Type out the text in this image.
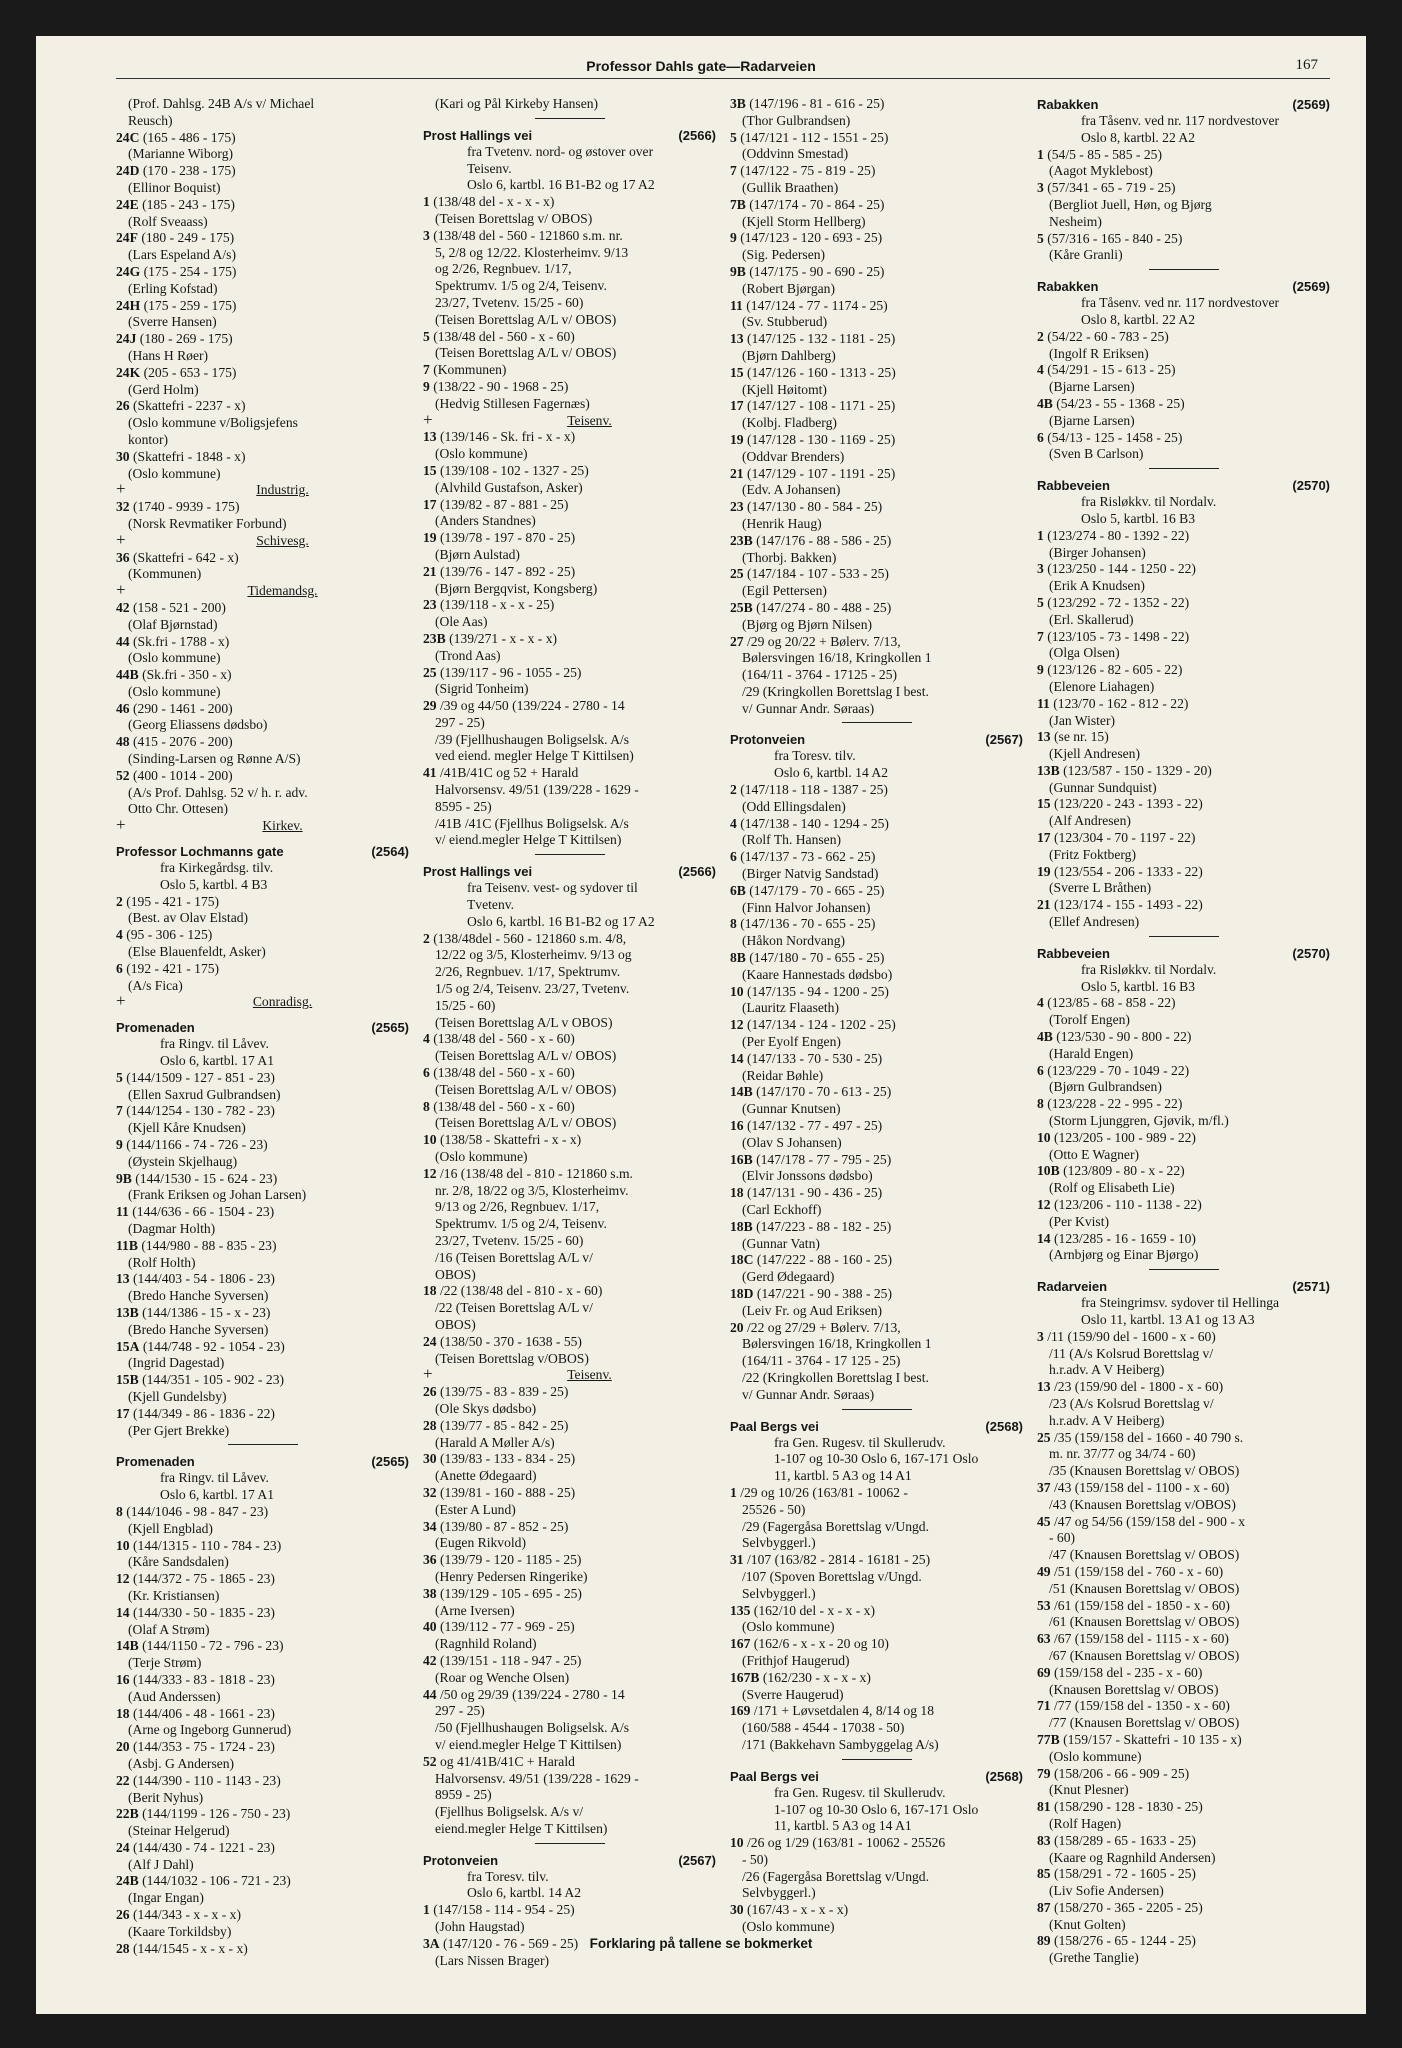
Professor Dahls gate—Radarveien	167
(Prof. Dahlsg. 24B A/s v/ Michael
Reusch)
24C (165 - 486 - 175)
(Marianne Wiborg)
24D (170 - 238 - 175)
(Ellinor Boquist)
24E (185 - 243 - 175)
(Rolf Sveaass)
24F (180 - 249 - 175)
(Lars Espeland A/s)
24G (175 - 254 - 175)
(Erling Kofstad)
24H (175 - 259 - 175)
(Sverre Hansen)
24J (180 - 269 - 175)
(Hans H Røer)
24K (205 - 653 - 175)
(Gerd Holm)
26 (Skattefri - 2237 - x)
(Oslo kommune v/Boligsjefens
kontor)
30 (Skattefri - 1848 - x)
(Oslo kommune)
+	Industrig.
32 (1740 - 9939 - 175)
(Norsk Revmatiker Forbund)
+	Schivesg.
36 (Skattefri - 642 - x)
(Kommunen)
+	Tidemandsg.
42 (158 - 521 - 200)
(Olaf Bjørnstad)
44 (Sk.fri - 1788 - x)
(Oslo kommune)
44B (Sk.fri - 350 - x)
(Oslo kommune)
46 (290 - 1461 - 200)
(Georg Eliassens dødsbo)
48 (415 - 2076 - 200)
(Sinding-Larsen og Rønne A/S)
52 (400 - 1014 - 200)
(A/s Prof. Dahlsg. 52 v/ h. r. adv.
Otto Chr. Ottesen)
+	Kirkev.
Professor Lochmanns gate	(2564)
fra Kirkegårdsg. tilv.
Oslo 5, kartbl. 4 B3
2 (195 - 421 - 175)
(Best. av Olav Elstad)
4 (95 - 306 - 125)
(Else Blauenfeldt, Asker)
6 (192 - 421 - 175)
(A/s Fica)
+	Conradisg.
Promenaden	(2565)
fra Ringv. til Låvev.
Oslo 6, kartbl. 17 A1
5 (144/1509 - 127 - 851 - 23)
(Ellen Saxrud Gulbrandsen)
7 (144/1254 - 130 - 782 - 23)
(Kjell Kåre Knudsen)
9 (144/1166 - 74 - 726 - 23)
(Øystein Skjelhaug)
9B (144/1530 - 15 - 624 - 23)
(Frank Eriksen og Johan Larsen)
11 (144/636 - 66 - 1504 - 23)
(Dagmar Holth)
11B (144/980 - 88 - 835 - 23)
(Rolf Holth)
13 (144/403 - 54 - 1806 - 23)
(Bredo Hanche Syversen)
13B (144/1386 - 15 - x - 23)
(Bredo Hanche Syversen)
15A (144/748 - 92 - 1054 - 23)
(Ingrid Dagestad)
15B (144/351 - 105 - 902 - 23)
(Kjell Gundelsby)
17 (144/349 - 86 - 1836 - 22)
(Per Gjert Brekke)
Promenaden	(2565)
fra Ringv. til Låvev.
Oslo 6, kartbl. 17 A1
8 (144/1046 - 98 - 847 - 23)
(Kjell Engblad)
10 (144/1315 - 110 - 784 - 23)
(Kåre Sandsdalen)
12 (144/372 - 75 - 1865 - 23)
(Kr. Kristiansen)
14 (144/330 - 50 - 1835 - 23)
(Olaf A Strøm)
14B (144/1150 - 72 - 796 - 23)
(Terje Strøm)
16 (144/333 - 83 - 1818 - 23)
(Aud Anderssen)
18 (144/406 - 48 - 1661 - 23)
(Arne og Ingeborg Gunnerud)
20 (144/353 - 75 - 1724 - 23)
(Asbj. G Andersen)
22 (144/390 - 110 - 1143 - 23)
(Berit Nyhus)
22B (144/1199 - 126 - 750 - 23)
(Steinar Helgerud)
24 (144/430 - 74 - 1221 - 23)
(Alf J Dahl)
24B (144/1032 - 106 - 721 - 23)
(Ingar Engan)
26 (144/343 - x - x - x)
(Kaare Torkildsby)
28 (144/1545 - x - x - x)
(Kari og Pål Kirkeby Hansen)
Prost Hallings vei	(2566)
fra Tvetenv. nord- og østover over
Teisenv.
Oslo 6, kartbl. 16 B1-B2 og 17 A2
1 (138/48 del - x - x - x)
(Teisen Borettslag v/ OBOS)
3 (138/48 del - 560 - 121860 s.m. nr.
5, 2/8 og 12/22. Klosterheimv. 9/13
og 2/26, Regnbuev. 1/17,
Spektrumv. 1/5 og 2/4, Teisenv.
23/27, Tvetenv. 15/25 - 60)
(Teisen Borettslag A/L v/ OBOS)
5 (138/48 del - 560 - x - 60)
(Teisen Borettslag A/L v/ OBOS)
7 (Kommunen)
9 (138/22 - 90 - 1968 - 25)
(Hedvig Stillesen Fagernæs)
+	Teisenv.
13 (139/146 - Sk. fri - x - x)
(Oslo kommune)
15 (139/108 - 102 - 1327 - 25)
(Alvhild Gustafson, Asker)
17 (139/82 - 87 - 881 - 25)
(Anders Standnes)
19 (139/78 - 197 - 870 - 25)
(Bjørn Aulstad)
21 (139/76 - 147 - 892 - 25)
(Bjørn Bergqvist, Kongsberg)
23 (139/118 - x - x - 25)
(Ole Aas)
23B (139/271 - x - x - x)
(Trond Aas)
25 (139/117 - 96 - 1055 - 25)
(Sigrid Tonheim)
29 /39 og 44/50 (139/224 - 2780 - 14
297 - 25)
/39 (Fjellhushaugen Boligselsk. A/s
ved eiend. megler Helge T Kittilsen)
41 /41B/41C og 52 + Harald
Halvorsensv. 49/51 (139/228 - 1629 -
8595 - 25)
/41B /41C (Fjellhus Boligselsk. A/s
v/ eiend.megler Helge T Kittilsen)
Prost Hallings vei	(2566)
fra Teisenv. vest- og sydover til
Tvetenv.
Oslo 6, kartbl. 16 B1-B2 og 17 A2
2 (138/48del - 560 - 121860 s.m. 4/8,
12/22 og 3/5, Klosterheimv. 9/13 og
2/26, Regnbuev. 1/17, Spektrumv.
1/5 og 2/4, Teisenv. 23/27, Tvetenv.
15/25 - 60)
(Teisen Borettslag A/L v OBOS)
4 (138/48 del - 560 - x - 60)
(Teisen Borettslag A/L v/ OBOS)
6 (138/48 del - 560 - x - 60)
(Teisen Borettslag A/L v/ OBOS)
8 (138/48 del - 560 - x - 60)
(Teisen Borettslag A/L v/ OBOS)
10 (138/58 - Skattefri - x - x)
(Oslo kommune)
12 /16 (138/48 del - 810 - 121860 s.m.
nr. 2/8, 18/22 og 3/5, Klosterheimv.
9/13 og 2/26, Regnbuev. 1/17,
Spektrumv. 1/5 og 2/4, Teisenv.
23/27, Tvetenv. 15/25 - 60)
/16 (Teisen Borettslag A/L v/
OBOS)
18 /22 (138/48 del - 810 - x - 60)
/22 (Teisen Borettslag A/L v/
OBOS)
24 (138/50 - 370 - 1638 - 55)
(Teisen Borettslag v/OBOS)
+	Teisenv.
26 (139/75 - 83 - 839 - 25)
(Ole Skys dødsbo)
28 (139/77 - 85 - 842 - 25)
(Harald A Møller A/s)
30 (139/83 - 133 - 834 - 25)
(Anette Ødegaard)
32 (139/81 - 160 - 888 - 25)
(Ester A Lund)
34 (139/80 - 87 - 852 - 25)
(Eugen Rikvold)
36 (139/79 - 120 - 1185 - 25)
(Henry Pedersen Ringerike)
38 (139/129 - 105 - 695 - 25)
(Arne Iversen)
40 (139/112 - 77 - 969 - 25)
(Ragnhild Roland)
42 (139/151 - 118 - 947 - 25)
(Roar og Wenche Olsen)
44 /50 og 29/39 (139/224 - 2780 - 14
297 - 25)
/50 (Fjellhushaugen Boligselsk. A/s
v/ eiend.megler Helge T Kittilsen)
52 og 41/41B/41C + Harald
Halvorsensv. 49/51 (139/228 - 1629 -
8959 - 25)
(Fjellhus Boligselsk. A/s v/
eiend.megler Helge T Kittilsen)
Protonveien	(2567)
fra Toresv. tilv.
Oslo 6, kartbl. 14 A2
1 (147/158 - 114 - 954 - 25)
(John Haugstad)
3A (147/120 - 76 - 569 - 25)
(Lars Nissen Brager)
3B (147/196 - 81 - 616 - 25)
(Thor Gulbrandsen)
5 (147/121 - 112 - 1551 - 25)
(Oddvinn Smestad)
7 (147/122 - 75 - 819 - 25)
(Gullik Braathen)
7B (147/174 - 70 - 864 - 25)
(Kjell Storm Hellberg)
9 (147/123 - 120 - 693 - 25)
(Sig. Pedersen)
9B (147/175 - 90 - 690 - 25)
(Robert Bjørgan)
11 (147/124 - 77 - 1174 - 25)
(Sv. Stubberud)
13 (147/125 - 132 - 1181 - 25)
(Bjørn Dahlberg)
15 (147/126 - 160 - 1313 - 25)
(Kjell Høitomt)
17 (147/127 - 108 - 1171 - 25)
(Kolbj. Fladberg)
19 (147/128 - 130 - 1169 - 25)
(Oddvar Brenders)
21 (147/129 - 107 - 1191 - 25)
(Edv. A Johansen)
23 (147/130 - 80 - 584 - 25)
(Henrik Haug)
23B (147/176 - 88 - 586 - 25)
(Thorbj. Bakken)
25 (147/184 - 107 - 533 - 25)
(Egil Pettersen)
25B (147/274 - 80 - 488 - 25)
(Bjørg og Bjørn Nilsen)
27 /29 og 20/22 + Bølerv. 7/13,
Bølersvingen 16/18, Kringkollen 1
(164/11 - 3764 - 17125 - 25)
/29 (Kringkollen Borettslag I best.
v/ Gunnar Andr. Søraas)
Protonveien	(2567)
fra Toresv. tilv.
Oslo 6, kartbl. 14 A2
2 (147/118 - 118 - 1387 - 25)
(Odd Ellingsdalen)
4 (147/138 - 140 - 1294 - 25)
(Rolf Th. Hansen)
6 (147/137 - 73 - 662 - 25)
(Birger Natvig Sandstad)
6B (147/179 - 70 - 665 - 25)
(Finn Halvor Johansen)
8 (147/136 - 70 - 655 - 25)
(Håkon Nordvang)
8B (147/180 - 70 - 655 - 25)
(Kaare Hannestads dødsbo)
10 (147/135 - 94 - 1200 - 25)
(Lauritz Flaaseth)
12 (147/134 - 124 - 1202 - 25)
(Per Eyolf Engen)
14 (147/133 - 70 - 530 - 25)
(Reidar Bøhle)
14B (147/170 - 70 - 613 - 25)
(Gunnar Knutsen)
16 (147/132 - 77 - 497 - 25)
(Olav S Johansen)
16B (147/178 - 77 - 795 - 25)
(Elvir Jonssons dødsbo)
18 (147/131 - 90 - 436 - 25)
(Carl Eckhoff)
18B (147/223 - 88 - 182 - 25)
(Gunnar Vatn)
18C (147/222 - 88 - 160 - 25)
(Gerd Ødegaard)
18D (147/221 - 90 - 388 - 25)
(Leiv Fr. og Aud Eriksen)
20 /22 og 27/29 + Bølerv. 7/13,
Bølersvingen 16/18, Kringkollen 1
(164/11 - 3764 - 17 125 - 25)
/22 (Kringkollen Borettslag I best.
v/ Gunnar Andr. Søraas)
Paal Bergs vei	(2568)
fra Gen. Rugesv. til Skullerudv.
1-107 og 10-30 Oslo 6, 167-171 Oslo
11, kartbl. 5 A3 og 14 A1
1 /29 og 10/26 (163/81 - 10062 -
25526 - 50)
/29 (Fagergåsa Borettslag v/Ungd.
Selvbyggerl.)
31 /107 (163/82 - 2814 - 16181 - 25)
/107 (Spoven Borettslag v/Ungd.
Selvbyggerl.)
135 (162/10 del - x - x - x)
(Oslo kommune)
167 (162/6 - x - x - 20 og 10)
(Frithjof Haugerud)
167B (162/230 - x - x - x)
(Sverre Haugerud)
169 /171 + Løvsetdalen 4, 8/14 og 18
(160/588 - 4544 - 17038 - 50)
/171 (Bakkehavn Sambyggelag A/s)
Paal Bergs vei	(2568)
fra Gen. Rugesv. til Skullerudv.
1-107 og 10-30 Oslo 6, 167-171 Oslo
11, kartbl. 5 A3 og 14 A1
10 /26 og 1/29 (163/81 - 10062 - 25526
- 50)
/26 (Fagergåsa Borettslag v/Ungd.
Selvbyggerl.)
30 (167/43 - x - x - x)
(Oslo kommune)
Rabakken	(2569)
fra Tåsenv. ved nr. 117 nordvestover
Oslo 8, kartbl. 22 A2
1 (54/5 - 85 - 585 - 25)
(Aagot Myklebost)
3 (57/341 - 65 - 719 - 25)
(Bergliot Juell, Høn, og Bjørg
Nesheim)
5 (57/316 - 165 - 840 - 25)
(Kåre Granli)
Rabakken	(2569)
fra Tåsenv. ved nr. 117 nordvestover
Oslo 8, kartbl. 22 A2
2 (54/22 - 60 - 783 - 25)
(Ingolf R Eriksen)
4 (54/291 - 15 - 613 - 25)
(Bjarne Larsen)
4B (54/23 - 55 - 1368 - 25)
(Bjarne Larsen)
6 (54/13 - 125 - 1458 - 25)
(Sven B Carlson)
Rabbeveien	(2570)
fra Risløkkv. til Nordalv.
Oslo 5, kartbl. 16 B3
1 (123/274 - 80 - 1392 - 22)
(Birger Johansen)
3 (123/250 - 144 - 1250 - 22)
(Erik A Knudsen)
5 (123/292 - 72 - 1352 - 22)
(Erl. Skallerud)
7 (123/105 - 73 - 1498 - 22)
(Olga Olsen)
9 (123/126 - 82 - 605 - 22)
(Elenore Liahagen)
11 (123/70 - 162 - 812 - 22)
(Jan Wister)
13 (se nr. 15)
(Kjell Andresen)
13B (123/587 - 150 - 1329 - 20)
(Gunnar Sundquist)
15 (123/220 - 243 - 1393 - 22)
(Alf Andresen)
17 (123/304 - 70 - 1197 - 22)
(Fritz Foktberg)
19 (123/554 - 206 - 1333 - 22)
(Sverre L Bråthen)
21 (123/174 - 155 - 1493 - 22)
(Ellef Andresen)
Rabbeveien	(2570)
fra Risløkkv. til Nordalv.
Oslo 5, kartbl. 16 B3
4 (123/85 - 68 - 858 - 22)
(Torolf Engen)
4B (123/530 - 90 - 800 - 22)
(Harald Engen)
6 (123/229 - 70 - 1049 - 22)
(Bjørn Gulbrandsen)
8 (123/228 - 22 - 995 - 22)
(Storm Ljunggren, Gjøvik, m/fl.)
10 (123/205 - 100 - 989 - 22)
(Otto E Wagner)
10B (123/809 - 80 - x - 22)
(Rolf og Elisabeth Lie)
12 (123/206 - 110 - 1138 - 22)
(Per Kvist)
14 (123/285 - 16 - 1659 - 10)
(Arnbjørg og Einar Bjørgo)
Radarveien	(2571)
fra Steingrimsv. sydover til Hellinga
Oslo 11, kartbl. 13 A1 og 13 A3
3 /11 (159/90 del - 1600 - x - 60)
/11 (A/s Kolsrud Borettslag v/
h.r.adv. A V Heiberg)
13 /23 (159/90 del - 1800 - x - 60)
/23 (A/s Kolsrud Borettslag v/
h.r.adv. A V Heiberg)
25 /35 (159/158 del - 1660 - 40 790 s.
m. nr. 37/77 og 34/74 - 60)
/35 (Knausen Borettslag v/ OBOS)
37 /43 (159/158 del - 1100 - x - 60)
/43 (Knausen Borettslag v/OBOS)
45 /47 og 54/56 (159/158 del - 900 - x
- 60)
/47 (Knausen Borettslag v/ OBOS)
49 /51 (159/158 del - 760 - x - 60)
/51 (Knausen Borettslag v/ OBOS)
53 /61 (159/158 del - 1850 - x - 60)
/61 (Knausen Borettslag v/ OBOS)
63 /67 (159/158 del - 1115 - x - 60)
/67 (Knausen Borettslag v/ OBOS)
69 (159/158 del - 235 - x - 60)
(Knausen Borettslag v/ OBOS)
71 /77 (159/158 del - 1350 - x - 60)
/77 (Knausen Borettslag v/ OBOS)
77B (159/157 - Skattefri - 10 135 - x)
(Oslo kommune)
79 (158/206 - 66 - 909 - 25)
(Knut Plesner)
81 (158/290 - 128 - 1830 - 25)
(Rolf Hagen)
83 (158/289 - 65 - 1633 - 25)
(Kaare og Ragnhild Andersen)
85 (158/291 - 72 - 1605 - 25)
(Liv Sofie Andersen)
87 (158/270 - 365 - 2205 - 25)
(Knut Golten)
89 (158/276 - 65 - 1244 - 25)
(Grethe Tanglie)
Forklaring på tallene se bokmerket
